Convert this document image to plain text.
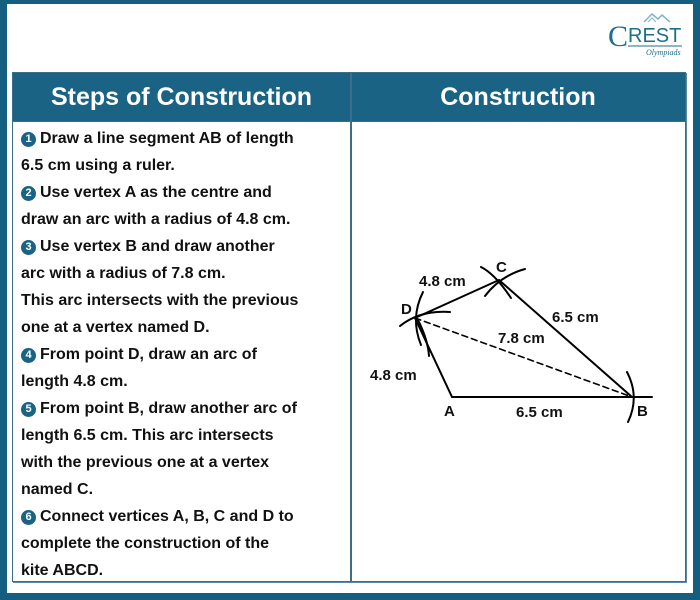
C REST
Olympiads
Steps of Construction	Construction
1 Draw a line segment AB of length
6.5 cm using a ruler.
2 Use vertex A as the centre and
draw an arc with a radius of 4.8 cm.
3 Use vertex B and draw another
arc with a radius of 7.8 cm.
This arc intersects with the previous
one at a vertex named D.
4 From point D, draw an arc of
length 4.8 cm.
5 From point B, draw another arc of
length 6.5 cm. This arc intersects
with the previous one at a vertex
named C.
6 Connect vertices A, B, C and D to
complete the construction of the
kite ABCD.
A	B
C
D
6.5 cm
6.5 cm
4.8 cm
4.8 cm
7.8 cm
